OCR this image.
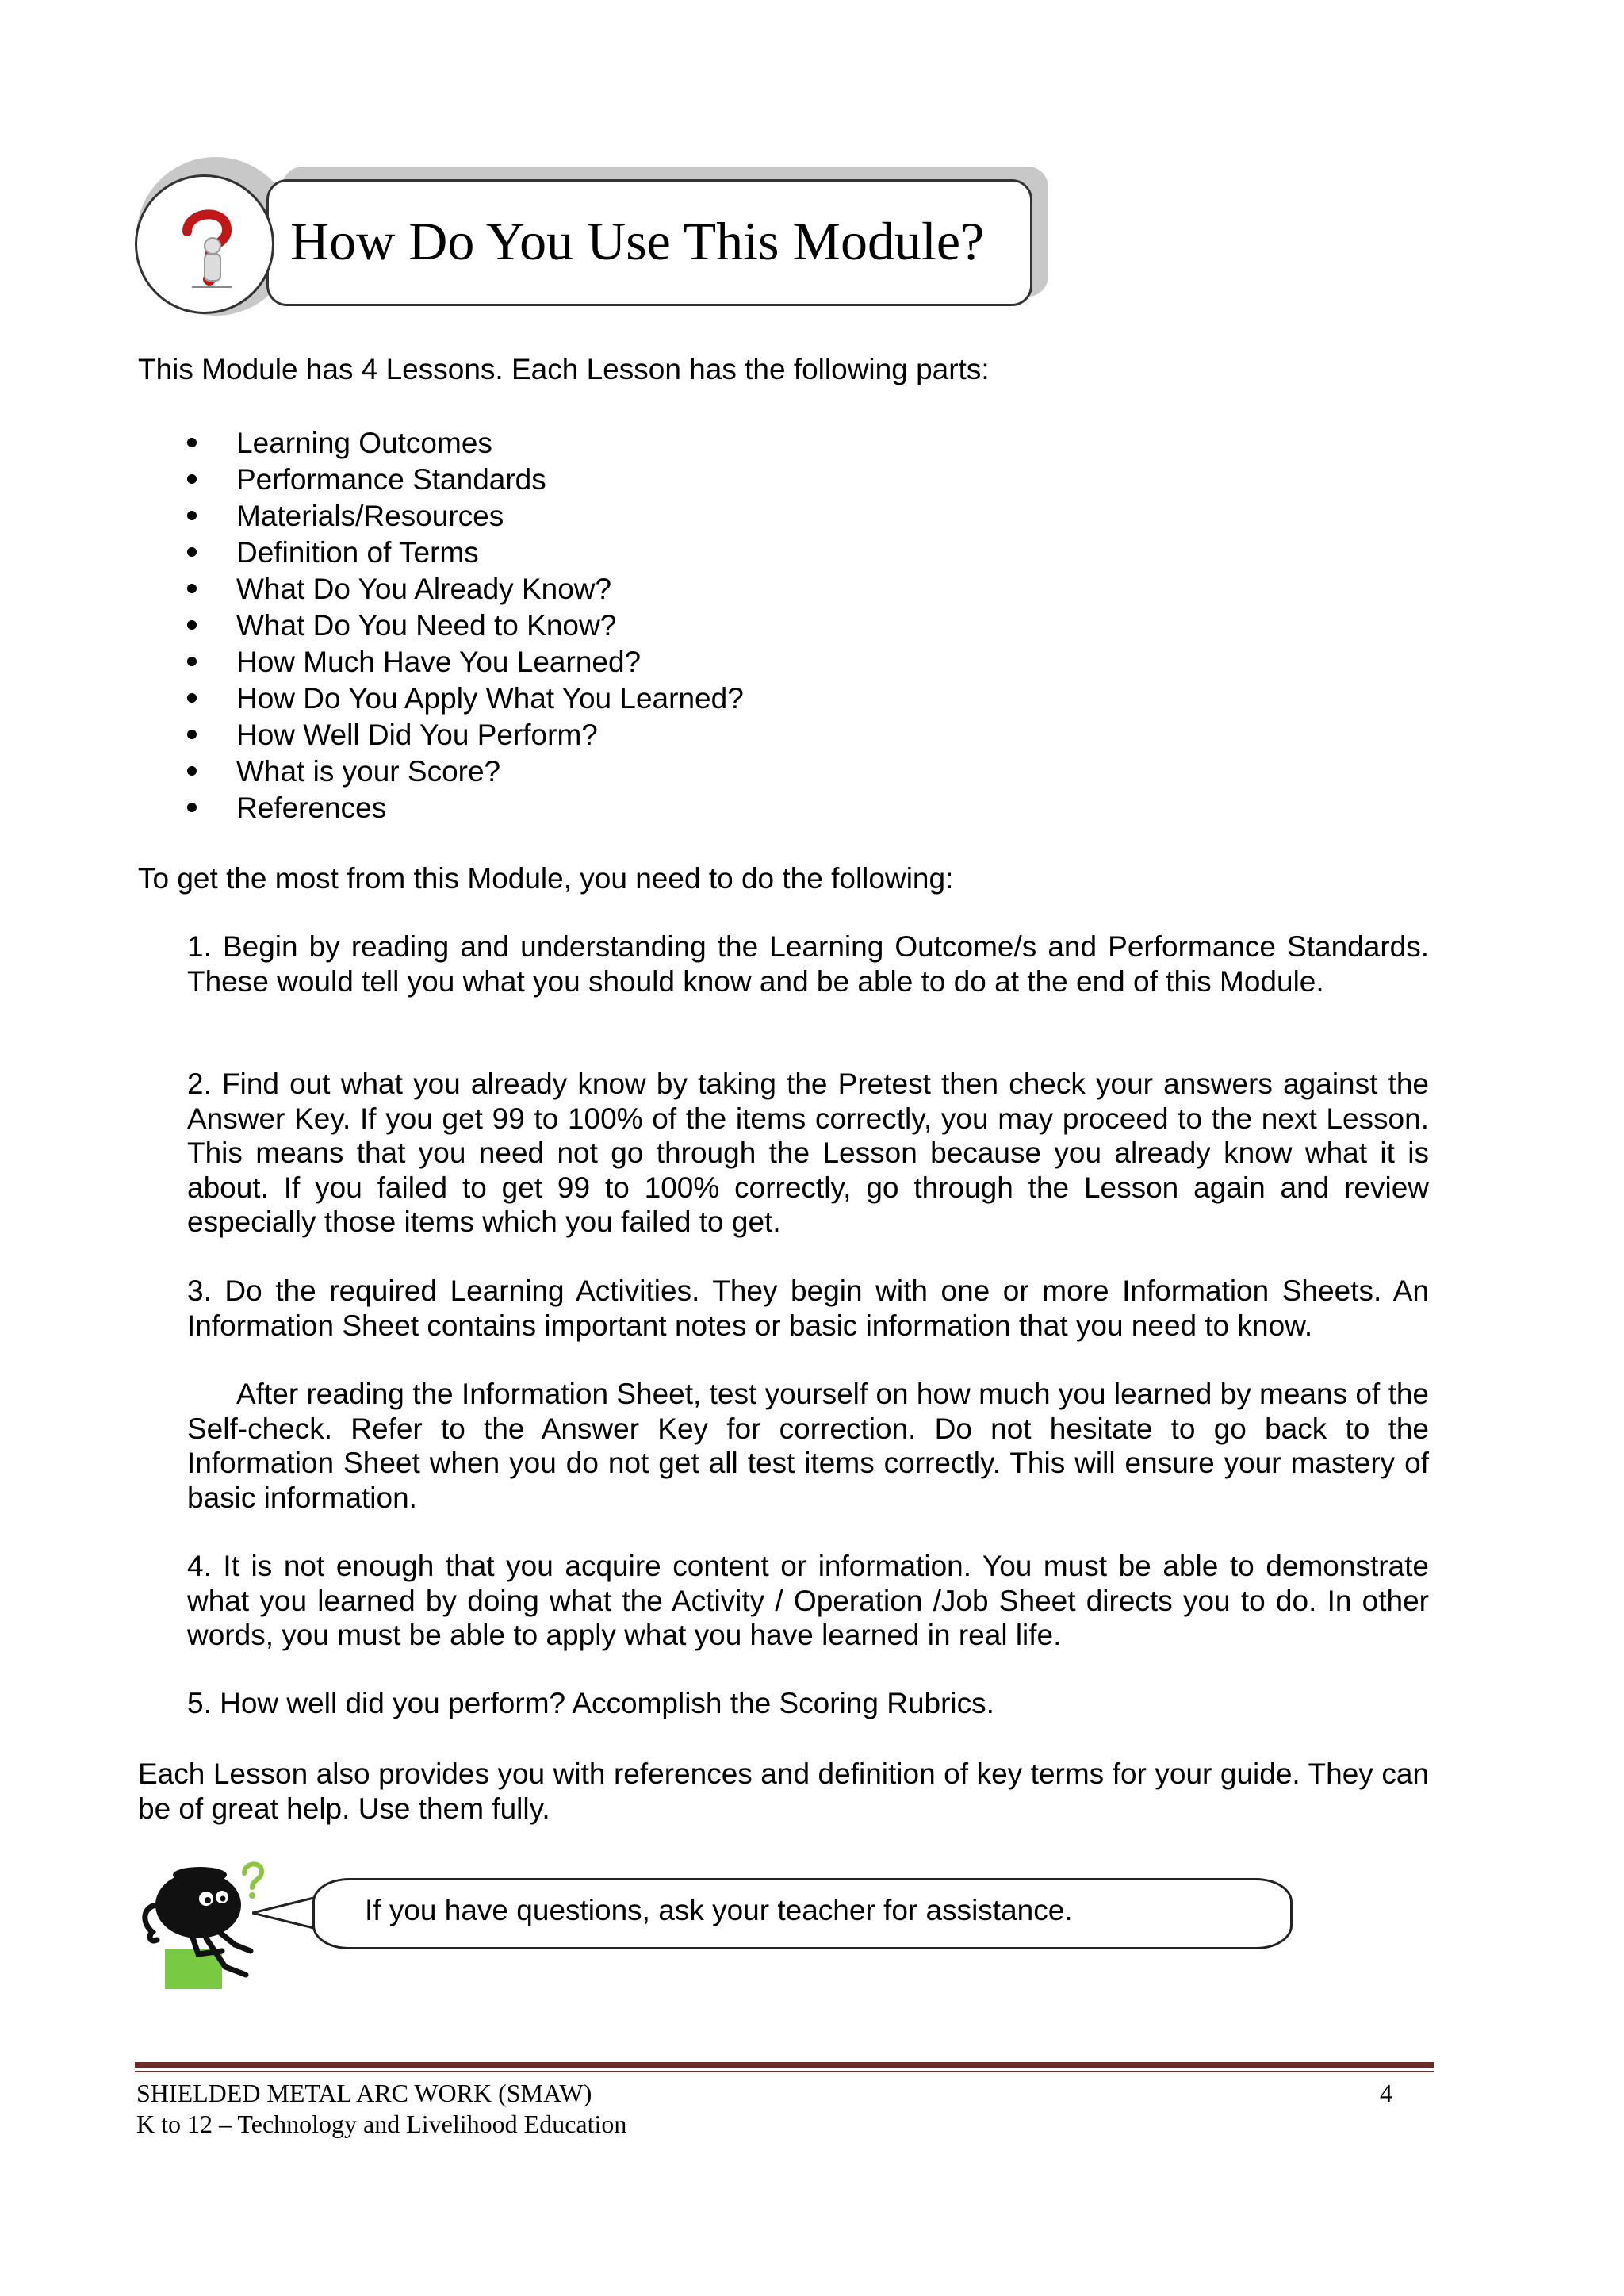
How Do You Use This Module?
This Module has 4 Lessons. Each Lesson has the following parts:
Learning Outcomes
Performance Standards
Materials/Resources
Definition of Terms
What Do You Already Know?
What Do You Need to Know?
How Much Have You Learned?
How Do You Apply What You Learned?
How Well Did You Perform?
What is your Score?
References
To get the most from this Module, you need to do the following:
1. Begin by reading and understanding the Learning Outcome/s and Performance Standards. These would tell you what you should know and be able to do at the end of this Module.
2. Find out what you already know by taking the Pretest then check your answers against the Answer Key. If you get 99 to 100% of the items correctly, you may proceed to the next Lesson. This means that you need not go through the Lesson because you already know what it is about. If you failed to get 99 to 100% correctly, go through the Lesson again and review especially those items which you failed to get.
3. Do the required Learning Activities. They begin with one or more Information Sheets. An Information Sheet contains important notes or basic information that you need to know.
After reading the Information Sheet, test yourself on how much you learned by means of the Self-check. Refer to the Answer Key for correction. Do not hesitate to go back to the Information Sheet when you do not get all test items correctly. This will ensure your mastery of basic information.
4. It is not enough that you acquire content or information. You must be able to demonstrate what you learned by doing what the Activity / Operation /Job Sheet directs you to do. In other words, you must be able to apply what you have learned in real life.
5. How well did you perform? Accomplish the Scoring Rubrics.
Each Lesson also provides you with references and definition of key terms for your guide. They can be of great help. Use them fully.
If you have questions, ask your teacher for assistance.
SHIELDED METAL ARC WORK (SMAW)
K to 12 – Technology and Livelihood Education
4
